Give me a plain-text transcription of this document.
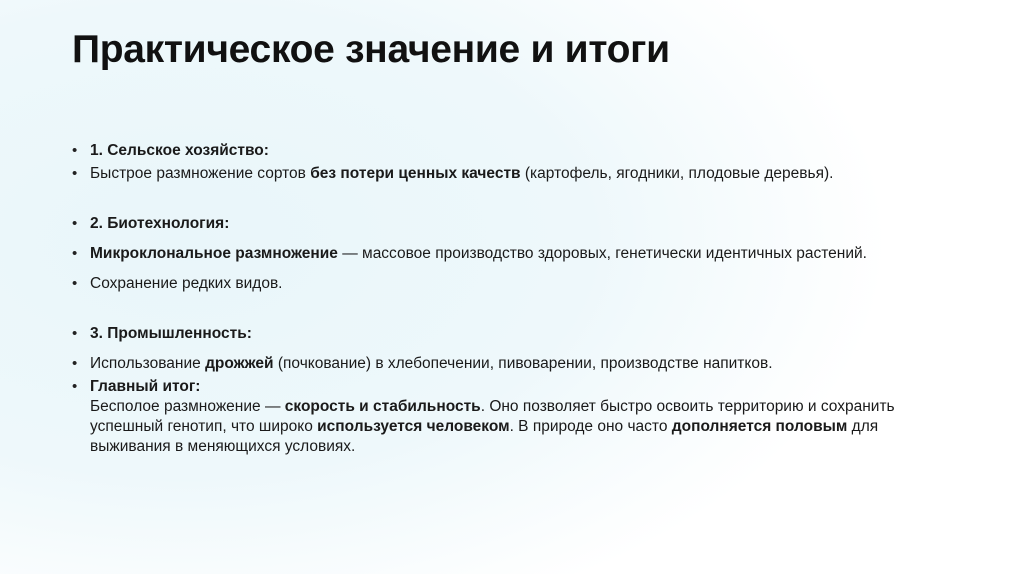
Практическое значение и итоги
• 1. Сельское хозяйство:
• Быстрое размножение сортов без потери ценных качеств (картофель, ягодники, плодовые деревья).
• 2. Биотехнология:
• Микроклональное размножение — массовое производство здоровых, генетически идентичных растений.
• Сохранение редких видов.
• 3. Промышленность:
• Использование дрожжей (почкование) в хлебопечении, пивоварении, производстве напитков.
• Главный итог:
Бесполое размножение — скорость и стабильность. Оно позволяет быстро освоить территорию и сохранить успешный генотип, что широко используется человеком. В природе оно часто дополняется половым для выживания в меняющихся условиях.
